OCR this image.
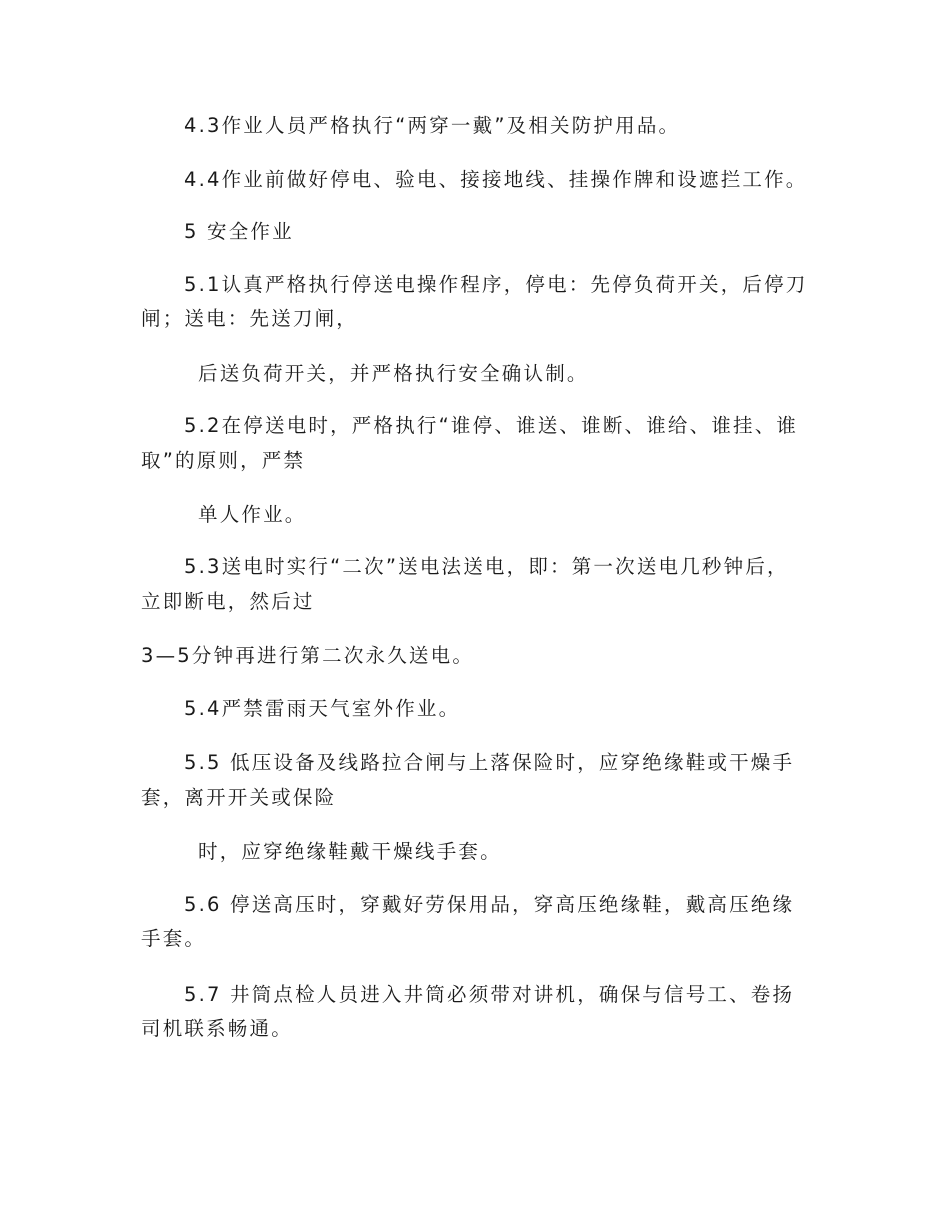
4.3作业人员严格执行“两穿一戴”及相关防护用品。
4.4作业前做好停电、验电、接接地线、挂操作牌和设遮拦工作。
5 安全作业
5.1认真严格执行停送电操作程序，停电：先停负荷开关，后停刀
闸；送电：先送刀闸，
后送负荷开关，并严格执行安全确认制。
5.2在停送电时，严格执行“谁停、谁送、谁断、谁给、谁挂、谁
取”的原则，严禁
单人作业。
5.3送电时实行“二次”送电法送电，即：第一次送电几秒钟后，
立即断电，然后过
3—5分钟再进行第二次永久送电。
5.4严禁雷雨天气室外作业。
5.5 低压设备及线路拉合闸与上落保险时，应穿绝缘鞋或干燥手
套，离开开关或保险
时，应穿绝缘鞋戴干燥线手套。
5.6 停送高压时，穿戴好劳保用品，穿高压绝缘鞋，戴高压绝缘
手套。
5.7 井筒点检人员进入井筒必须带对讲机，确保与信号工、卷扬
司机联系畅通。
